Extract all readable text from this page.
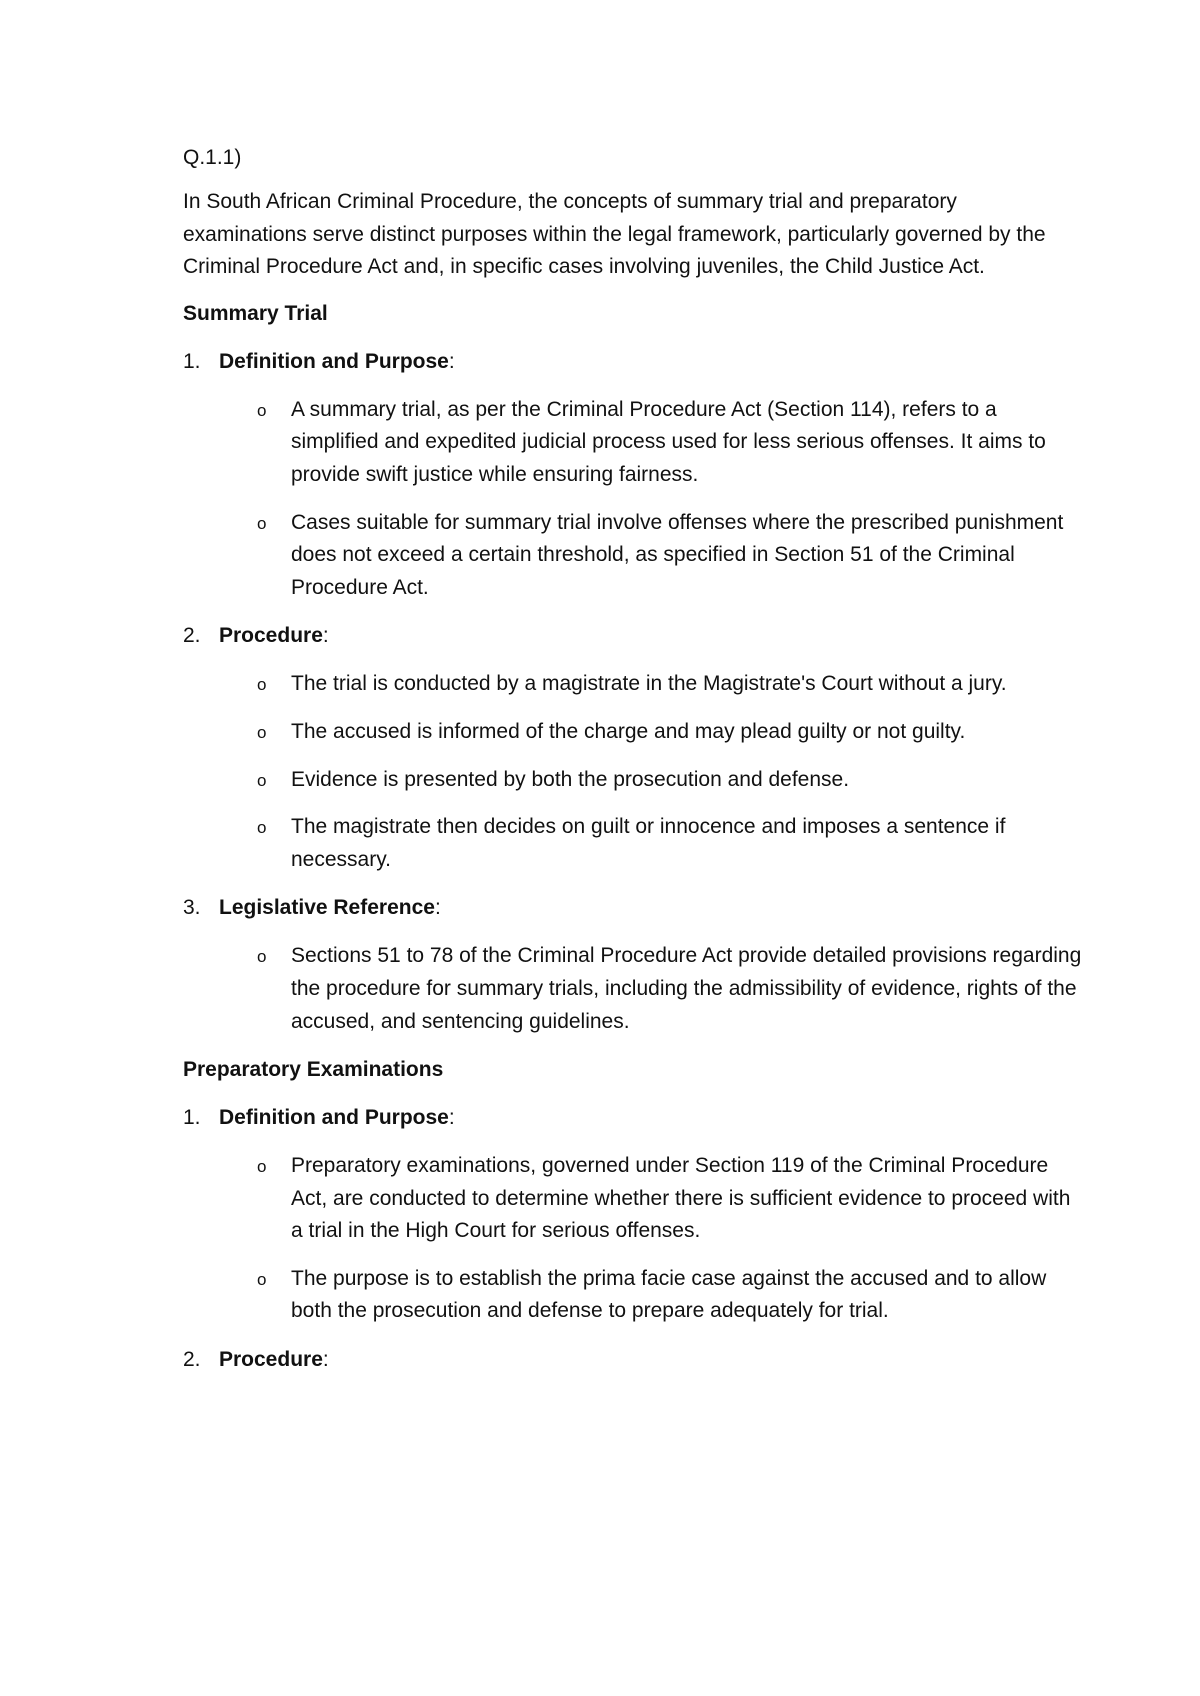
Q.1.1)

In South African Criminal Procedure, the concepts of summary trial and preparatory examinations serve distinct purposes within the legal framework, particularly governed by the Criminal Procedure Act and, in specific cases involving juveniles, the Child Justice Act.

Summary Trial

1. Definition and Purpose:
o A summary trial, as per the Criminal Procedure Act (Section 114), refers to a simplified and expedited judicial process used for less serious offenses. It aims to provide swift justice while ensuring fairness.
o Cases suitable for summary trial involve offenses where the prescribed punishment does not exceed a certain threshold, as specified in Section 51 of the Criminal Procedure Act.
2. Procedure:
o The trial is conducted by a magistrate in the Magistrate's Court without a jury.
o The accused is informed of the charge and may plead guilty or not guilty.
o Evidence is presented by both the prosecution and defense.
o The magistrate then decides on guilt or innocence and imposes a sentence if necessary.
3. Legislative Reference:
o Sections 51 to 78 of the Criminal Procedure Act provide detailed provisions regarding the procedure for summary trials, including the admissibility of evidence, rights of the accused, and sentencing guidelines.

Preparatory Examinations

1. Definition and Purpose:
o Preparatory examinations, governed under Section 119 of the Criminal Procedure Act, are conducted to determine whether there is sufficient evidence to proceed with a trial in the High Court for serious offenses.
o The purpose is to establish the prima facie case against the accused and to allow both the prosecution and defense to prepare adequately for trial.
2. Procedure:
